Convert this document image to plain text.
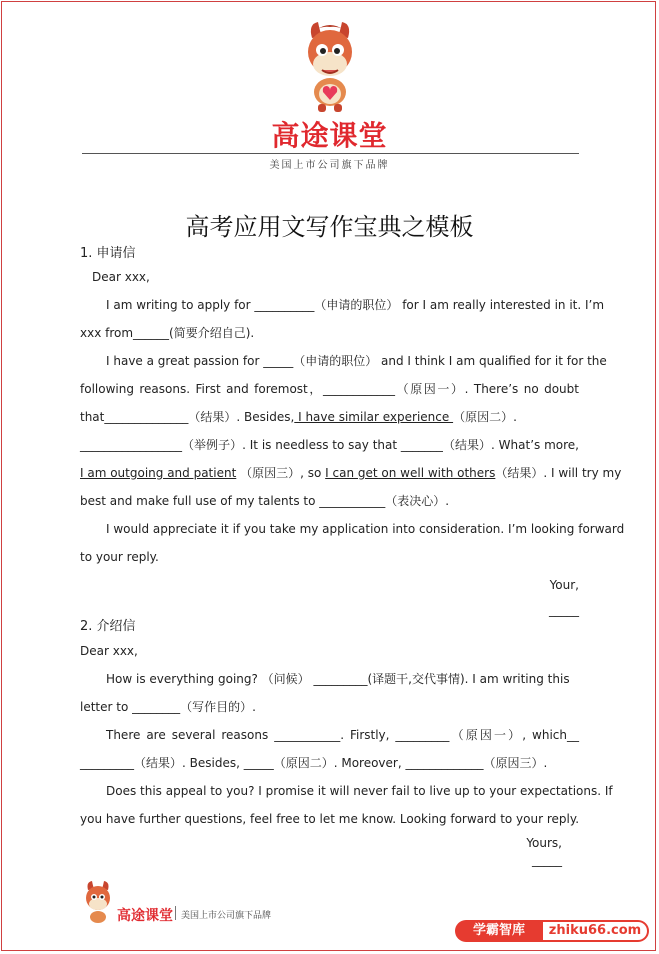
高途课堂
美国上市公司旗下品牌
高考应用文写作宝典之模板
1. 申请信
Dear xxx,
I am writing to apply for __________（申请的职位） for I am really interested in it. I’m
xxx from______(简要介绍自己).
I have a great passion for _____（申请的职位） and I think I am qualified for it for the
following reasons. First and foremost，____________（原因一）. There’s no doubt
that______________（结果）. Besides, I have similar experience （原因二）.
_________________（举例子）. It is needless to say that _______（结果）. What’s more,
I am outgoing and patient （原因三）, so I can get on well with others（结果）. I will try my
best and make full use of my talents to ___________（表决心）.
I would appreciate it if you take my application into consideration. I’m looking forward
to your reply.
Your,
_____
2. 介绍信
Dear xxx,
How is everything going? （问候） _________(译题干,交代事情). I am writing this
letter to ________（写作目的）.
There are several reasons ___________. Firstly, _________（原因一）, which__
_________（结果）. Besides, _____（原因二）. Moreover, _____________（原因三）.
Does this appeal to you? I promise it will never fail to live up to your expectations. If
you have further questions, feel free to let me know. Looking forward to your reply.
Yours,
_____
高途课堂 美国上市公司旗下品牌
学霸智库	zhiku66.com
